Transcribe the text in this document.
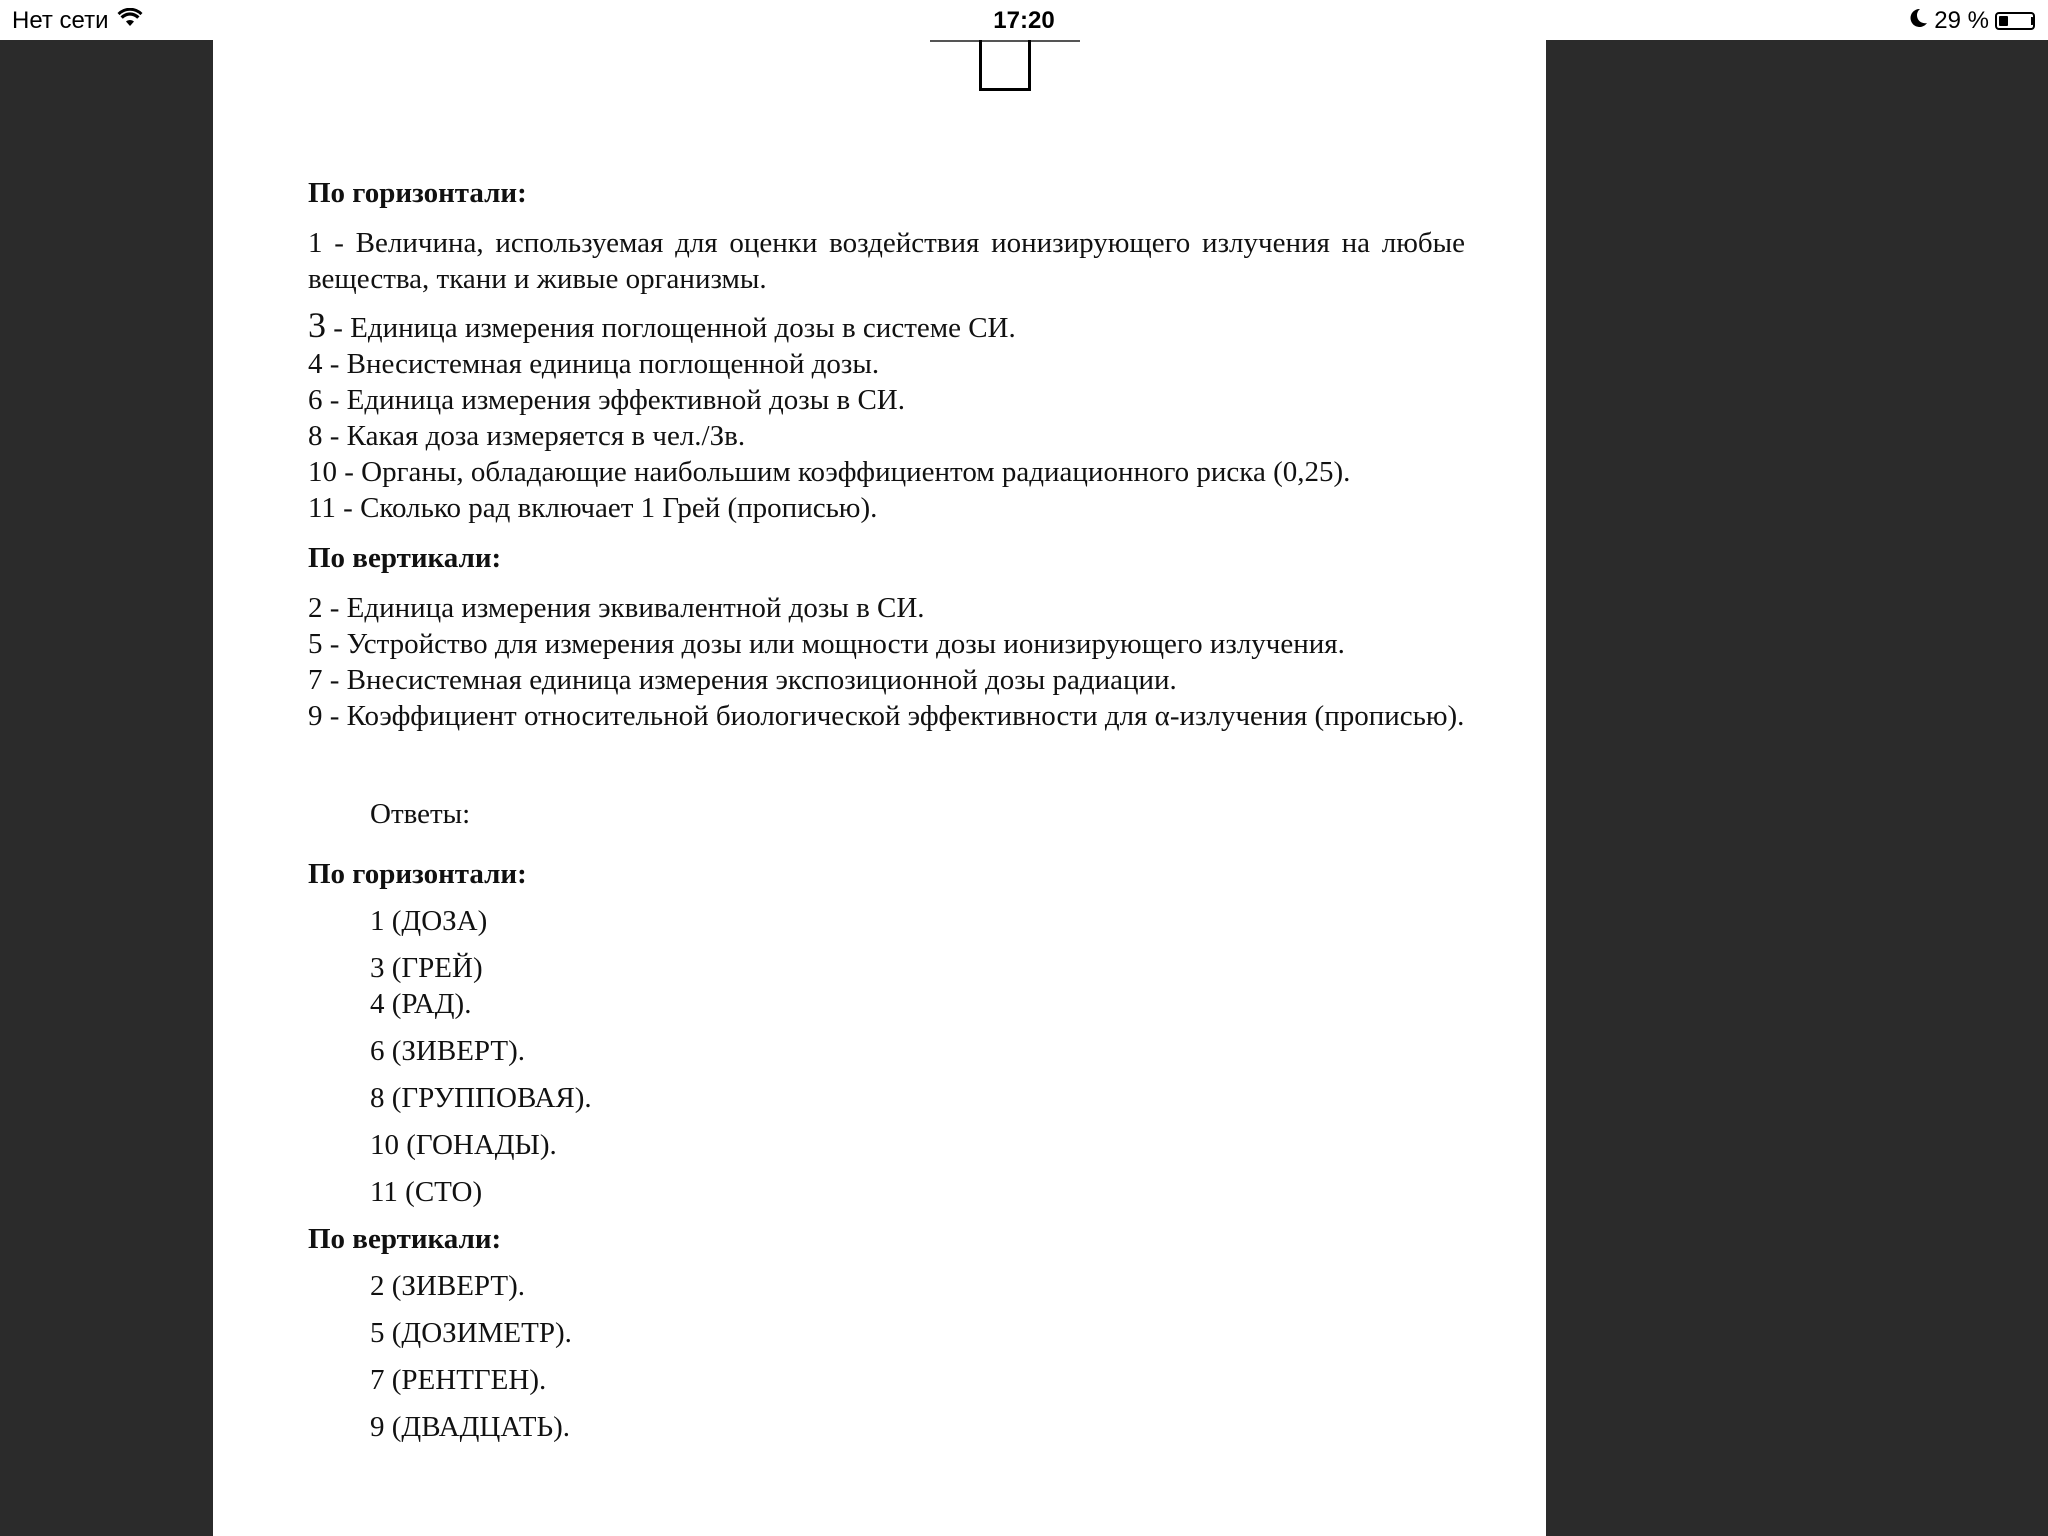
Нет сети	17:20	29 %

По горизонтали:

1 - Величина, используемая для оценки воздействия ионизирующего излучения на любые вещества, ткани и живые организмы.

3 - Единица измерения поглощенной дозы в системе СИ.

4 - Внесистемная единица поглощенной дозы.

6 - Единица измерения эффективной дозы в СИ.

8 - Какая доза измеряется в чел./Зв.

10 - Органы, обладающие наибольшим коэффициентом радиационного риска (0,25).

11 - Сколько рад включает 1 Грей (прописью).

По вертикали:

2 - Единица измерения эквивалентной дозы в СИ.

5 - Устройство для измерения дозы или мощности дозы ионизирующего излучения.

7 - Внесистемная единица измерения экспозиционной дозы радиации.

9 - Коэффициент относительной биологической эффективности для α-излучения (прописью).

Ответы:

По горизонтали:

1 (ДОЗА)

3 (ГРЕЙ)

4 (РАД).

6 (ЗИВЕРТ).

8 (ГРУППОВАЯ).

10 (ГОНАДЫ).

11 (СТО)

По вертикали:

2 (ЗИВЕРТ).

5 (ДОЗИМЕТР).

7 (РЕНТГЕН).

9 (ДВАДЦАТЬ).
